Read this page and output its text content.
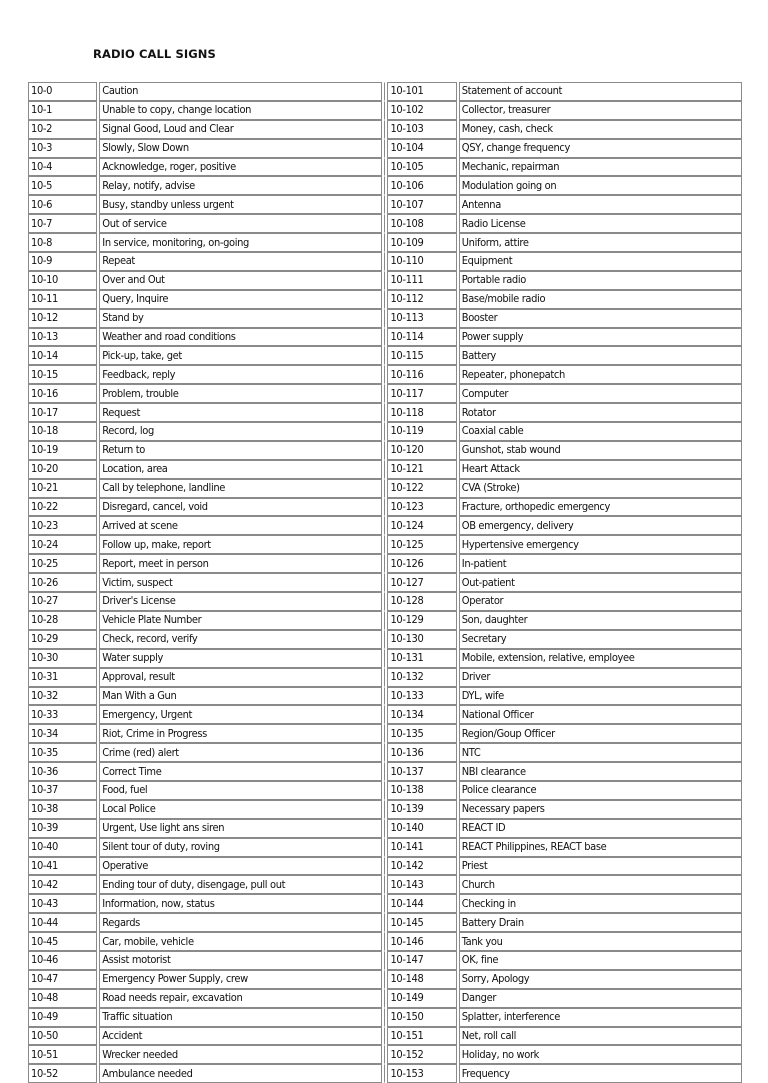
RADIO CALL SIGNS
10-0	Caution		10-101	Statement of account
10-1	Unable to copy, change location		10-102	Collector, treasurer
10-2	Signal Good, Loud and Clear		10-103	Money, cash, check
10-3	Slowly, Slow Down		10-104	QSY, change frequency
10-4	Acknowledge, roger, positive		10-105	Mechanic, repairman
10-5	Relay, notify, advise		10-106	Modulation going on
10-6	Busy, standby unless urgent		10-107	Antenna
10-7	Out of service		10-108	Radio License
10-8	In service, monitoring, on-going		10-109	Uniform, attire
10-9	Repeat		10-110	Equipment
10-10	Over and Out		10-111	Portable radio
10-11	Query, Inquire		10-112	Base/mobile radio
10-12	Stand by		10-113	Booster
10-13	Weather and road conditions		10-114	Power supply
10-14	Pick-up, take, get		10-115	Battery
10-15	Feedback, reply		10-116	Repeater, phonepatch
10-16	Problem, trouble		10-117	Computer
10-17	Request		10-118	Rotator
10-18	Record, log		10-119	Coaxial cable
10-19	Return to		10-120	Gunshot, stab wound
10-20	Location, area		10-121	Heart Attack
10-21	Call by telephone, landline		10-122	CVA (Stroke)
10-22	Disregard, cancel, void		10-123	Fracture, orthopedic emergency
10-23	Arrived at scene		10-124	OB emergency, delivery
10-24	Follow up, make, report		10-125	Hypertensive emergency
10-25	Report, meet in person		10-126	In-patient
10-26	Victim, suspect		10-127	Out-patient
10-27	Driver's License		10-128	Operator
10-28	Vehicle Plate Number		10-129	Son, daughter
10-29	Check, record, verify		10-130	Secretary
10-30	Water supply		10-131	Mobile, extension, relative, employee
10-31	Approval, result		10-132	Driver
10-32	Man With a Gun		10-133	DYL, wife
10-33	Emergency, Urgent		10-134	National Officer
10-34	Riot, Crime in Progress		10-135	Region/Goup Officer
10-35	Crime (red) alert		10-136	NTC
10-36	Correct Time		10-137	NBI clearance
10-37	Food, fuel		10-138	Police clearance
10-38	Local Police		10-139	Necessary papers
10-39	Urgent, Use light ans siren		10-140	REACT ID
10-40	Silent tour of duty, roving		10-141	REACT Philippines, REACT base
10-41	Operative		10-142	Priest
10-42	Ending tour of duty, disengage, pull out		10-143	Church
10-43	Information, now, status		10-144	Checking in
10-44	Regards		10-145	Battery Drain
10-45	Car, mobile, vehicle		10-146	Tank you
10-46	Assist motorist		10-147	OK, fine
10-47	Emergency Power Supply, crew		10-148	Sorry, Apology
10-48	Road needs repair, excavation		10-149	Danger
10-49	Traffic situation		10-150	Splatter, interference
10-50	Accident		10-151	Net, roll call
10-51	Wrecker needed		10-152	Holiday, no work
10-52	Ambulance needed		10-153	Frequency
